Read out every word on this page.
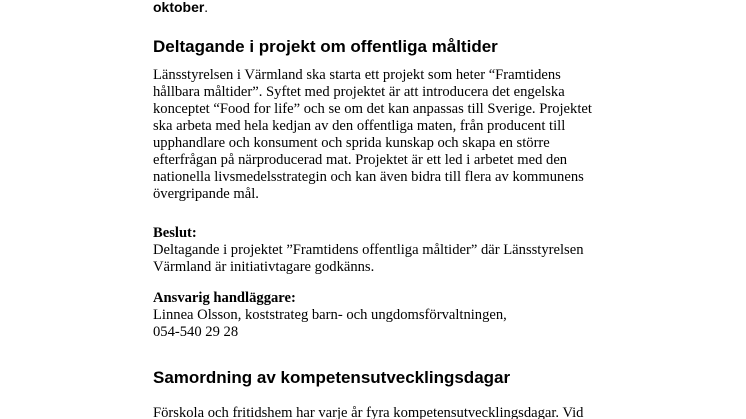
oktober.

Deltagande i projekt om offentliga måltider
Länsstyrelsen i Värmland ska starta ett projekt som heter “Framtidens
hållbara måltider”. Syftet med projektet är att introducera det engelska
konceptet “Food for life” och se om det kan anpassas till Sverige. Projektet
ska arbeta med hela kedjan av den offentliga maten, från producent till
upphandlare och konsument och sprida kunskap och skapa en större
efterfrågan på närproducerad mat. Projektet är ett led i arbetet med den
nationella livsmedelsstrategin och kan även bidra till flera av kommunens
övergripande mål.

Beslut:

Deltagande i projektet ”Framtidens offentliga måltider” där Länsstyrelsen
Värmland är initiativtagare godkänns.

Ansvarig handläggare:

Linnea Olsson, koststrateg barn- och ungdomsförvaltningen,
054-540 29 28
Samordning av kompetensutvecklingsdagar
Förskola och fritidshem har varje år fyra kompetensutvecklingsdagar. Vid
